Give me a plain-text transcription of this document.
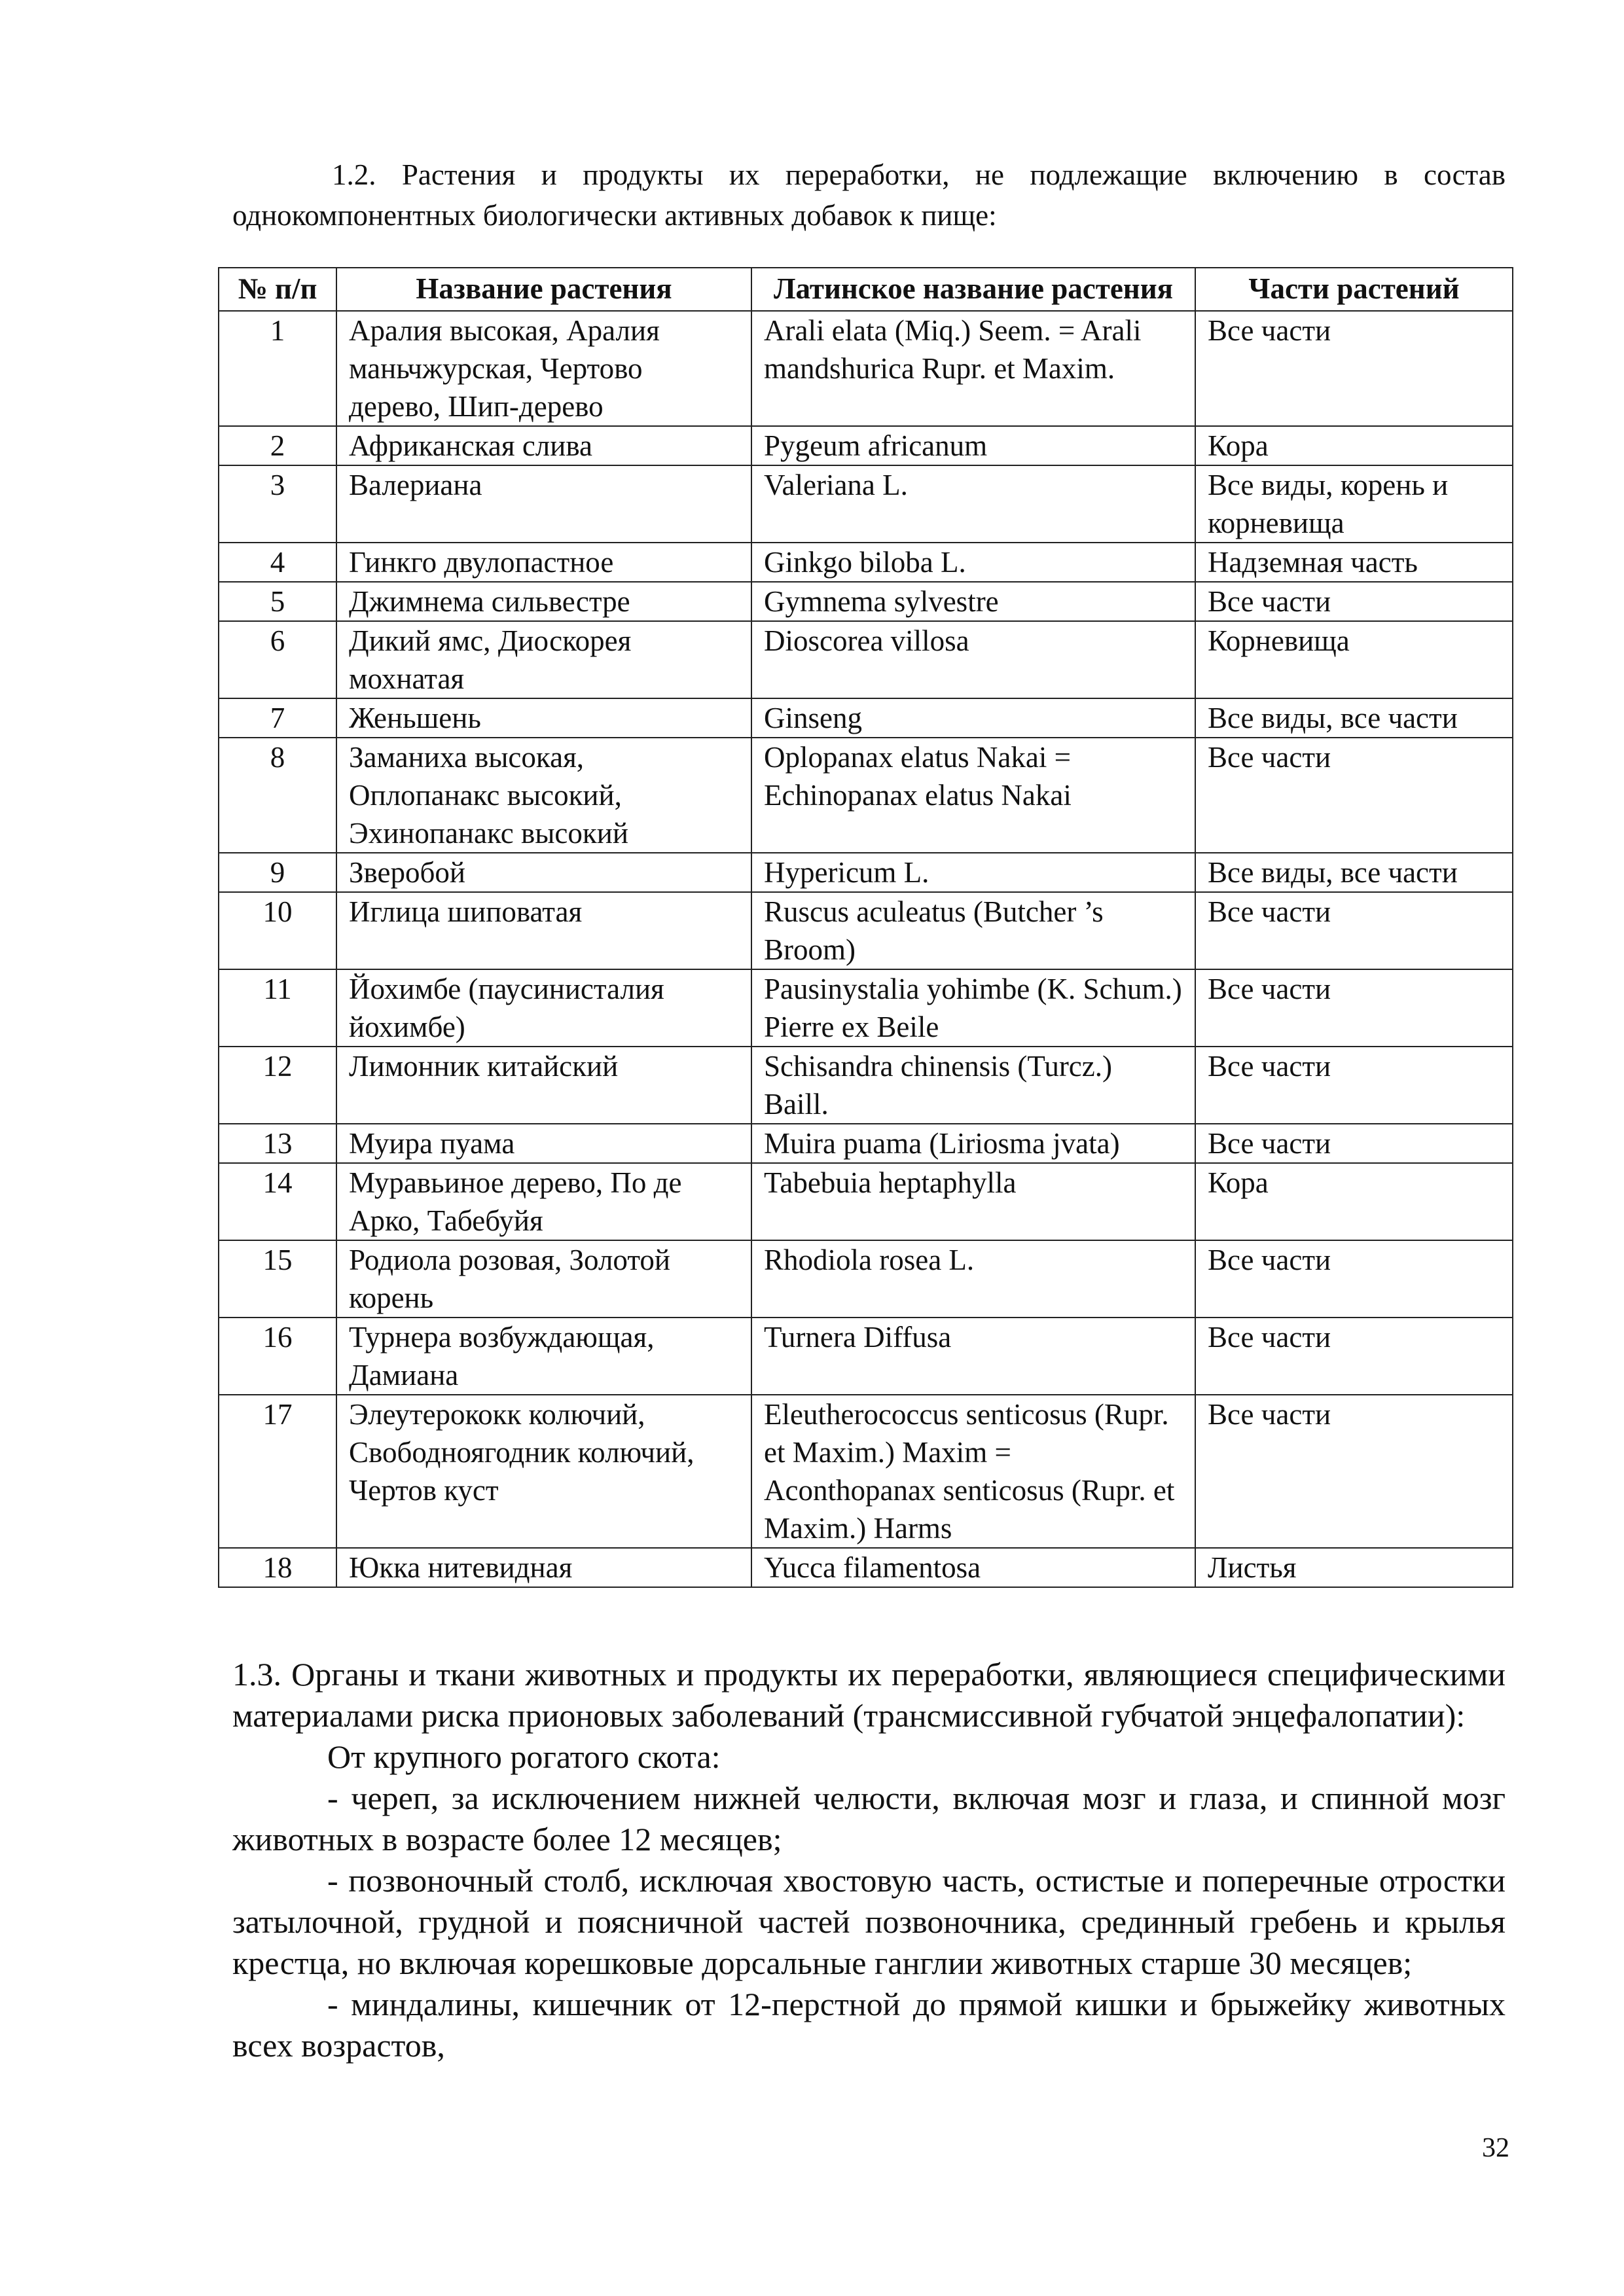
1.2. Растения и продукты их переработки, не подлежащие включению в состав однокомпонентных биологически активных добавок к пище:

№ п/п	Название растения	Латинское название растения	Части растений
1	Аралия высокая, Аралия маньчжурская, Чертово дерево, Шип-дерево	Arali elata (Miq.) Seem. = Arali mandshurica Rupr. et Maxim.	Все части
2	Африканская слива	Pygeum africanum	Кора
3	Валериана	Valeriana L.	Все виды, корень и корневища
4	Гинкго двулопастное	Ginkgo biloba L.	Надземная часть
5	Джимнема сильвестре	Gymnema sylvestre	Все части
6	Дикий ямс, Диоскорея мохнатая	Dioscorea villosa	Корневища
7	Женьшень	Ginseng	Все виды, все части
8	Заманиха высокая, Оплопанакс высокий, Эхинопанакс высокий	Oplopanax elatus Nakai = Echinopanax elatus Nakai	Все части
9	Зверобой	Hypericum L.	Все виды, все части
10	Иглица шиповатая	Ruscus aculeatus (Butcher ’s Broom)	Все части
11	Йохимбе (паусинисталия йохимбе)	Pausinystalia yohimbe (K. Schum.) Pierre ex Beile	Все части
12	Лимонник китайский	Schisandra chinensis (Turcz.) Baill.	Все части
13	Муира пуама	Muira puama (Liriosma jvata)	Все части
14	Муравьиное дерево, По де Арко, Табебуйя	Tabebuia heptaphylla	Кора
15	Родиола розовая, Золотой корень	Rhodiola rosea L.	Все части
16	Турнера возбуждающая, Дамиана	Turnera Diffusa	Все части
17	Элеутерококк колючий, Свободноягодник колючий, Чертов куст	Eleutherococcus senticosus (Rupr. et Maxim.) Maxim = Aconthopanax senticosus (Rupr. et Maxim.) Harms	Все части
18	Юкка нитевидная	Yucca filamentosa	Листья

1.3. Органы и ткани животных и продукты их переработки, являющиеся специфическими материалами риска прионовых заболеваний (трансмиссивной губчатой энцефалопатии):

От крупного рогатого скота:

- череп, за исключением нижней челюсти, включая мозг и глаза, и спинной мозг животных в возрасте более 12 месяцев;

- позвоночный столб, исключая хвостовую часть, остистые и поперечные отростки затылочной, грудной и поясничной частей позвоночника, срединный гребень и крылья крестца, но включая корешковые дорсальные ганглии животных старше 30 месяцев;

- миндалины, кишечник от 12-перстной до прямой кишки и брыжейку животных всех возрастов,

32
